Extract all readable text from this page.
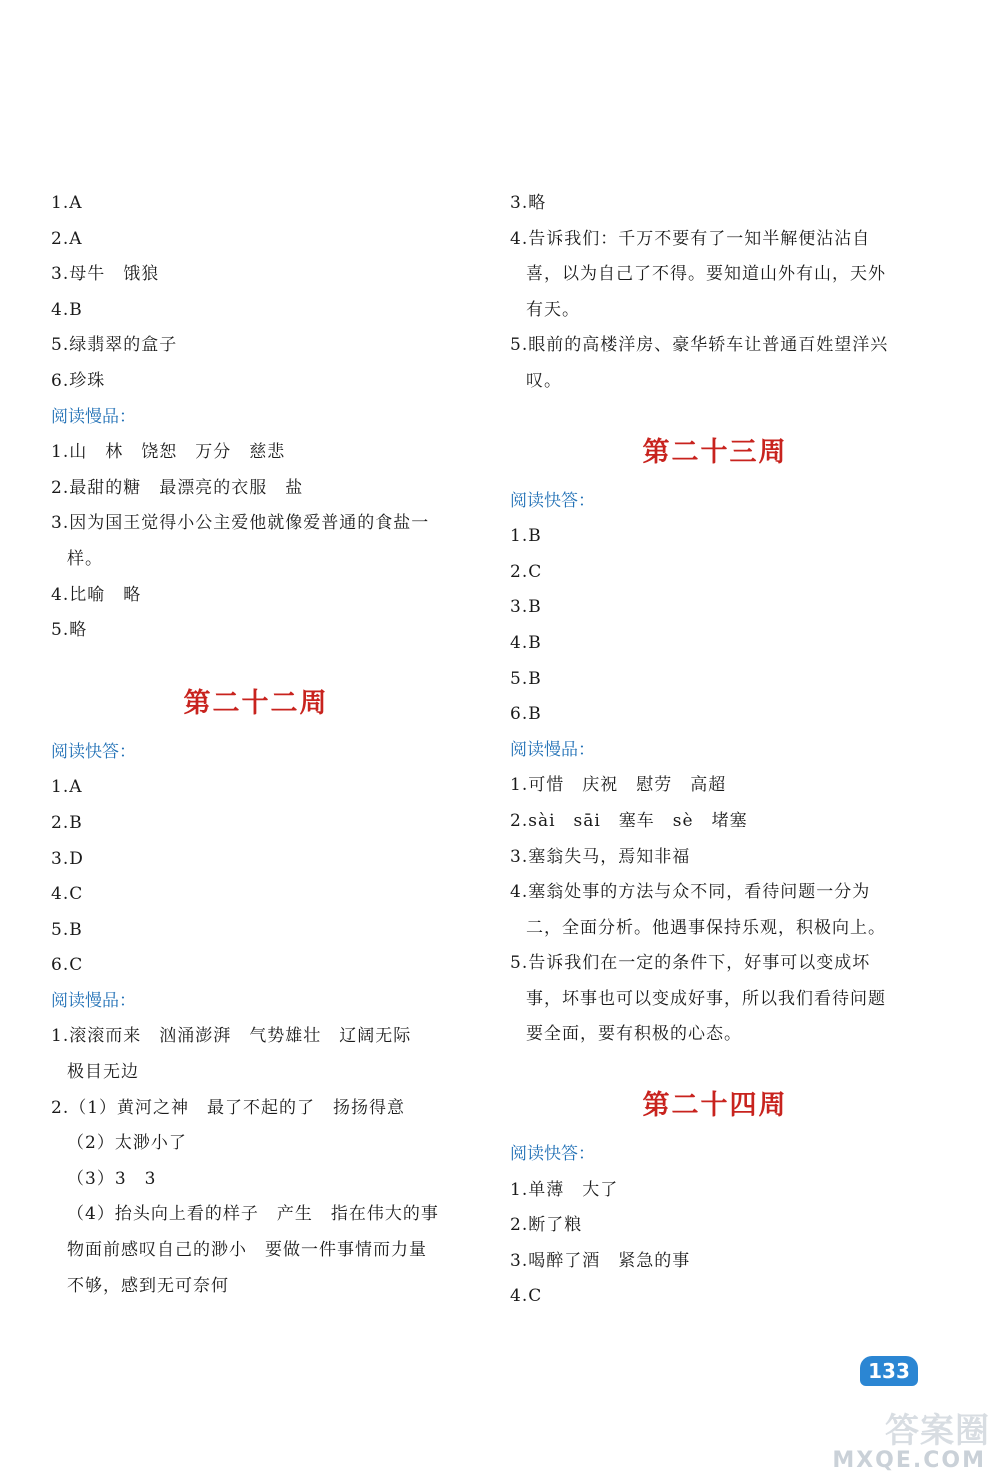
1.A
2.A
3.母牛　饿狼
4.B
5.绿翡翠的盒子
6.珍珠
阅读慢品：
1.山　林　饶恕　万分　慈悲
2.最甜的糖　最漂亮的衣服　盐
3.因为国王觉得小公主爱他就像爱普通的食盐一
样。
4.比喻　略
5.略
第二十二周
阅读快答：
1.A
2.B
3.D
4.C
5.B
6.C
阅读慢品：
1.滚滚而来　汹涌澎湃　气势雄壮　辽阔无际
极目无边
2.（1）黄河之神　最了不起的了　扬扬得意
（2）太渺小了
（3）3　3
（4）抬头向上看的样子　产生　指在伟大的事
物面前感叹自己的渺小　要做一件事情而力量
不够，感到无可奈何
3.略
4.告诉我们：千万不要有了一知半解便沾沾自
喜，以为自己了不得。要知道山外有山，天外
有天。
5.眼前的高楼洋房、豪华轿车让普通百姓望洋兴
叹。
第二十三周
阅读快答：
1.B
2.C
3.B
4.B
5.B
6.B
阅读慢品：
1.可惜　庆祝　慰劳　高超
2.sài　sāi　塞车　sè　堵塞
3.塞翁失马，焉知非福
4.塞翁处事的方法与众不同，看待问题一分为
二，全面分析。他遇事保持乐观，积极向上。
5.告诉我们在一定的条件下，好事可以变成坏
事，坏事也可以变成好事，所以我们看待问题
要全面，要有积极的心态。
第二十四周
阅读快答：
1.单薄　大了
2.断了粮
3.喝醉了酒　紧急的事
4.C
133
答案圈
MXQE.COM
